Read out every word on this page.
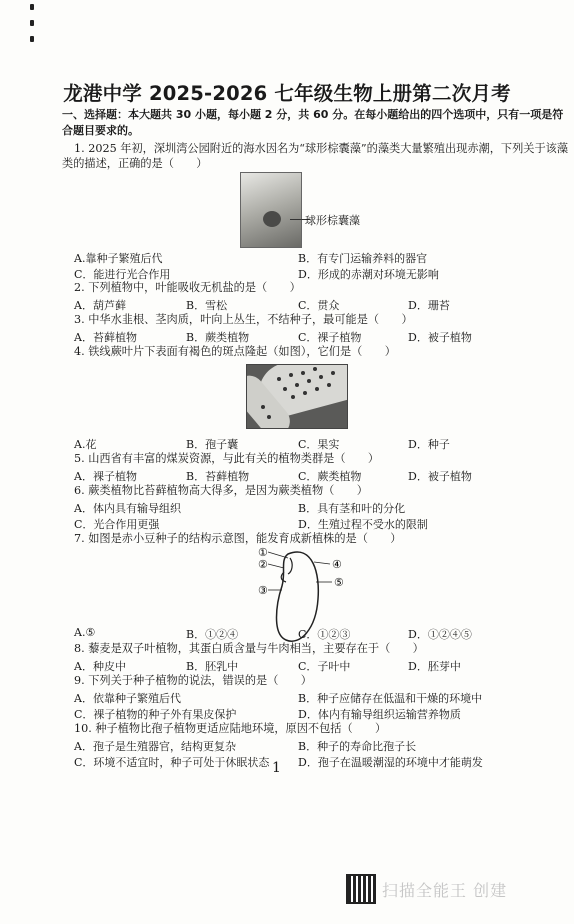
龙港中学 2025-2026 七年级生物上册第二次月考
一、选择题：本大题共 30 小题，每小题 2 分，共 60 分。在每小题给出的四个选项中，只有一项是符
合题目要求的。
1. 2025 年初，深圳湾公园附近的海水因名为“球形棕囊藻”的藻类大量繁殖出现赤潮，下列关于该藻
类的描述，正确的是（　　）
球形棕囊藻
A.靠种子繁殖后代	B．有专门运输养料的器官
C．能进行光合作用	D．形成的赤潮对环境无影响
2. 下列植物中，叶能吸收无机盐的是（　　）
A．葫芦藓	B．雪松	C．贯众	D．珊苔
3. 中华水韭根、茎肉质，叶向上丛生，不结种子，最可能是（　　）
A．苔藓植物	B．蕨类植物	C．裸子植物	D．被子植物
4. 铁线蕨叶片下表面有褐色的斑点隆起（如图），它们是（　　）
A.花	B．孢子囊	C．果实	D．种子
5. 山西省有丰富的煤炭资源，与此有关的植物类群是（　　）
A．裸子植物	B．苔藓植物	C．蕨类植物	D．被子植物
6. 蕨类植物比苔藓植物高大得多，是因为蕨类植物（　　）
A．体内具有输导组织	B．具有茎和叶的分化
C．光合作用更强	D．生殖过程不受水的限制
7. 如图是赤小豆种子的结构示意图，能发育成新植株的是（　　）
①
②
③
④
⑤
A.⑤	B．①②④	C．①②③	D．①②④⑤
8. 藜麦是双子叶植物，其蛋白质含量与牛肉相当，主要存在于（　　）
A．种皮中	B．胚乳中	C．子叶中	D．胚芽中
9. 下列关于种子植物的说法，错误的是（　　）
A．依靠种子繁殖后代	B．种子应储存在低温和干燥的环境中
C．裸子植物的种子外有果皮保护	D．体内有输导组织运输营养物质
10. 种子植物比孢子植物更适应陆地环境，原因不包括（　　）
A．孢子是生殖器官，结构更复杂	B．种子的寿命比孢子长
C．环境不适宜时，种子可处于休眠状态	D．孢子在温暖潮湿的环境中才能萌发
1
扫描全能王 创建
